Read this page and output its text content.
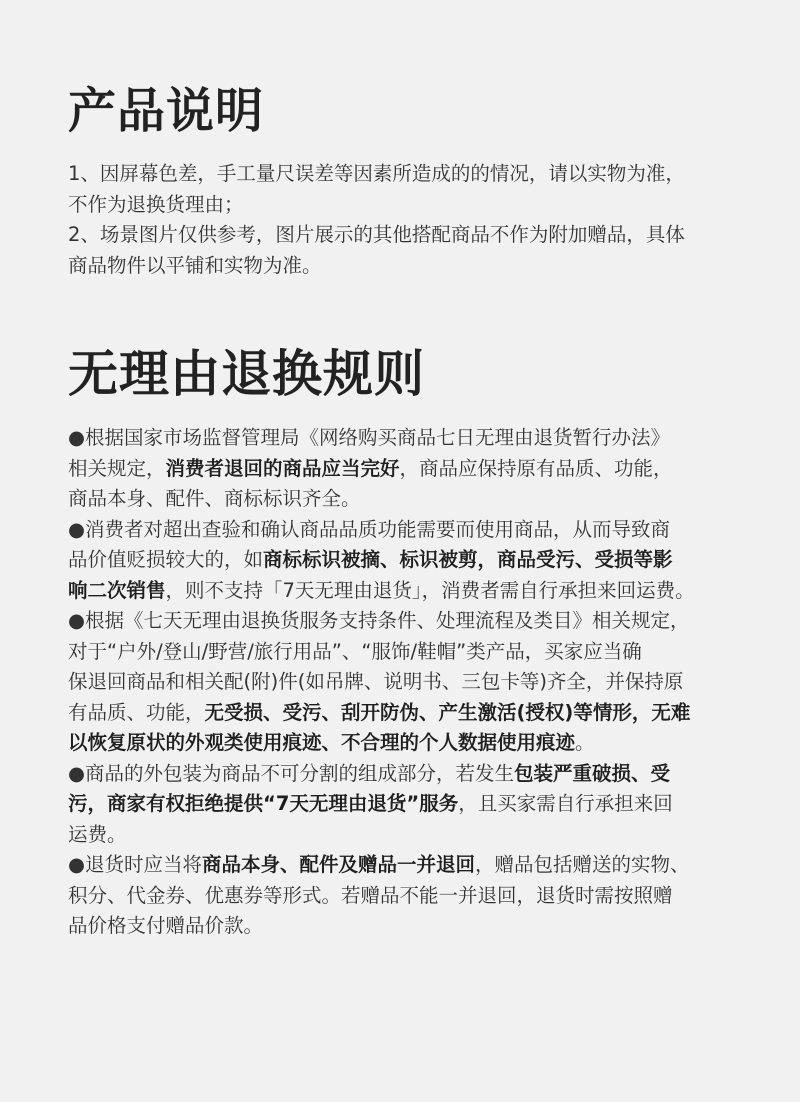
产品说明
1、因屏幕色差，手工量尺误差等因素所造成的的情况，请以实物为准，
不作为退换货理由；
2、场景图片仅供参考，图片展示的其他搭配商品不作为附加赠品，具体
商品物件以平铺和实物为准。
无理由退换规则
●根据国家市场监督管理局《网络购买商品七日无理由退货暂行办法》
相关规定，消费者退回的商品应当完好，商品应保持原有品质、功能，
商品本身、配件、商标标识齐全。
●消费者对超出查验和确认商品品质功能需要而使用商品，从而导致商
品价值贬损较大的，如商标标识被摘、标识被剪，商品受污、受损等影
响二次销售，则不支持「7天无理由退货」，消费者需自行承担来回运费。
●根据《七天无理由退换货服务支持条件、处理流程及类目》相关规定，
对于“户外/登山/野营/旅行用品”、“服饰/鞋帽”类产品，买家应当确
保退回商品和相关配(附)件(如吊牌、说明书、三包卡等)齐全，并保持原
有品质、功能，无受损、受污、刮开防伪、产生激活(授权)等情形，无难
以恢复原状的外观类使用痕迹、不合理的个人数据使用痕迹。
●商品的外包装为商品不可分割的组成部分，若发生包装严重破损、受
污，商家有权拒绝提供“7天无理由退货”服务，且买家需自行承担来回
运费。
●退货时应当将商品本身、配件及赠品一并退回，赠品包括赠送的实物、
积分、代金券、优惠券等形式。若赠品不能一并退回，退货时需按照赠
品价格支付赠品价款。
